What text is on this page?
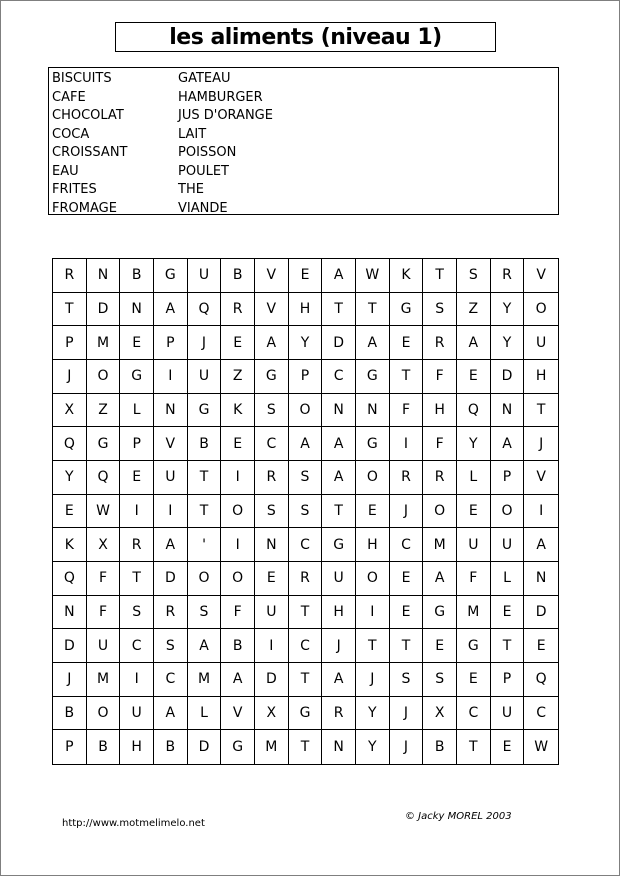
les aliments (niveau 1)
BISCUITS
CAFE
CHOCOLAT
COCA
CROISSANT
EAU
FRITES
FROMAGE
GATEAU
HAMBURGER
JUS D'ORANGE
LAIT
POISSON
POULET
THE
VIANDE
R	N	B	G	U	B	V	E	A	W	K	T	S	R	V
T	D	N	A	Q	R	V	H	T	T	G	S	Z	Y	O
P	M	E	P	J	E	A	Y	D	A	E	R	A	Y	U
J	O	G	I	U	Z	G	P	C	G	T	F	E	D	H
X	Z	L	N	G	K	S	O	N	N	F	H	Q	N	T
Q	G	P	V	B	E	C	A	A	G	I	F	Y	A	J
Y	Q	E	U	T	I	R	S	A	O	R	R	L	P	V
E	W	I	I	T	O	S	S	T	E	J	O	E	O	I
K	X	R	A	'	I	N	C	G	H	C	M	U	U	A
Q	F	T	D	O	O	E	R	U	O	E	A	F	L	N
N	F	S	R	S	F	U	T	H	I	E	G	M	E	D
D	U	C	S	A	B	I	C	J	T	T	E	G	T	E
J	M	I	C	M	A	D	T	A	J	S	S	E	P	Q
B	O	U	A	L	V	X	G	R	Y	J	X	C	U	C
P	B	H	B	D	G	M	T	N	Y	J	B	T	E	W
http://www.motmelimelo.net
© Jacky MOREL 2003
